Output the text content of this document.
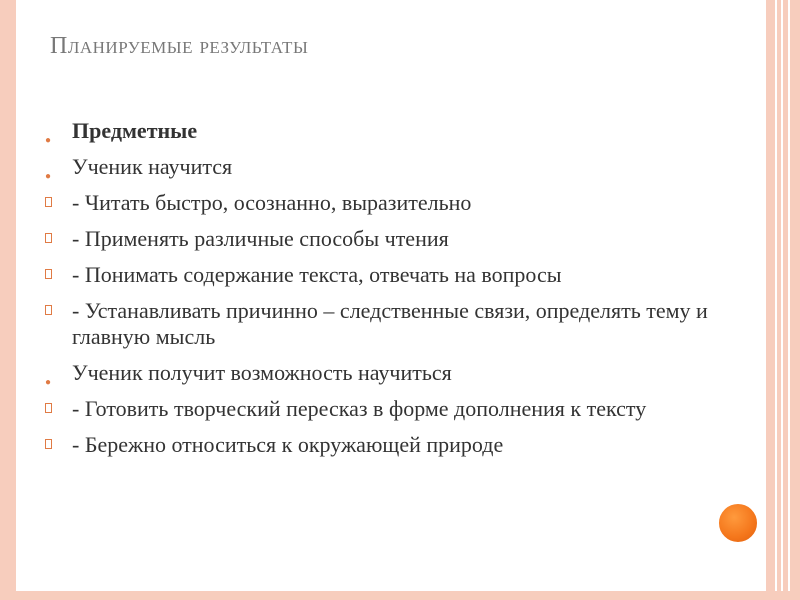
Планируемые результаты
● Предметные
● Ученик научится
- Читать быстро, осознанно, выразительно
- Применять различные способы чтения
- Понимать содержание текста, отвечать на вопросы
- Устанавливать причинно – следственные связи, определять тему и главную мысль
● Ученик получит возможность научиться
- Готовить творческий пересказ в форме дополнения к тексту
- Бережно относиться к окружающей природе
